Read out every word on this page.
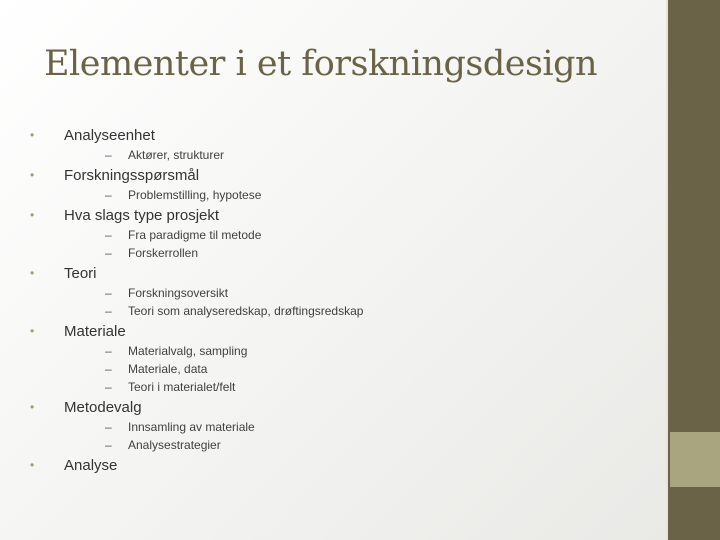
Elementer i et forskningsdesign
• Analyseenhet
– Aktører, strukturer
• Forskningsspørsmål
– Problemstilling, hypotese
• Hva slags type prosjekt
– Fra paradigme til metode
– Forskerrollen
• Teori
– Forskningsoversikt
– Teori som analyseredskap, drøftingsredskap
• Materiale
– Materialvalg, sampling
– Materiale, data
– Teori i materialet/felt
• Metodevalg
– Innsamling av materiale
– Analysestrategier
• Analyse
